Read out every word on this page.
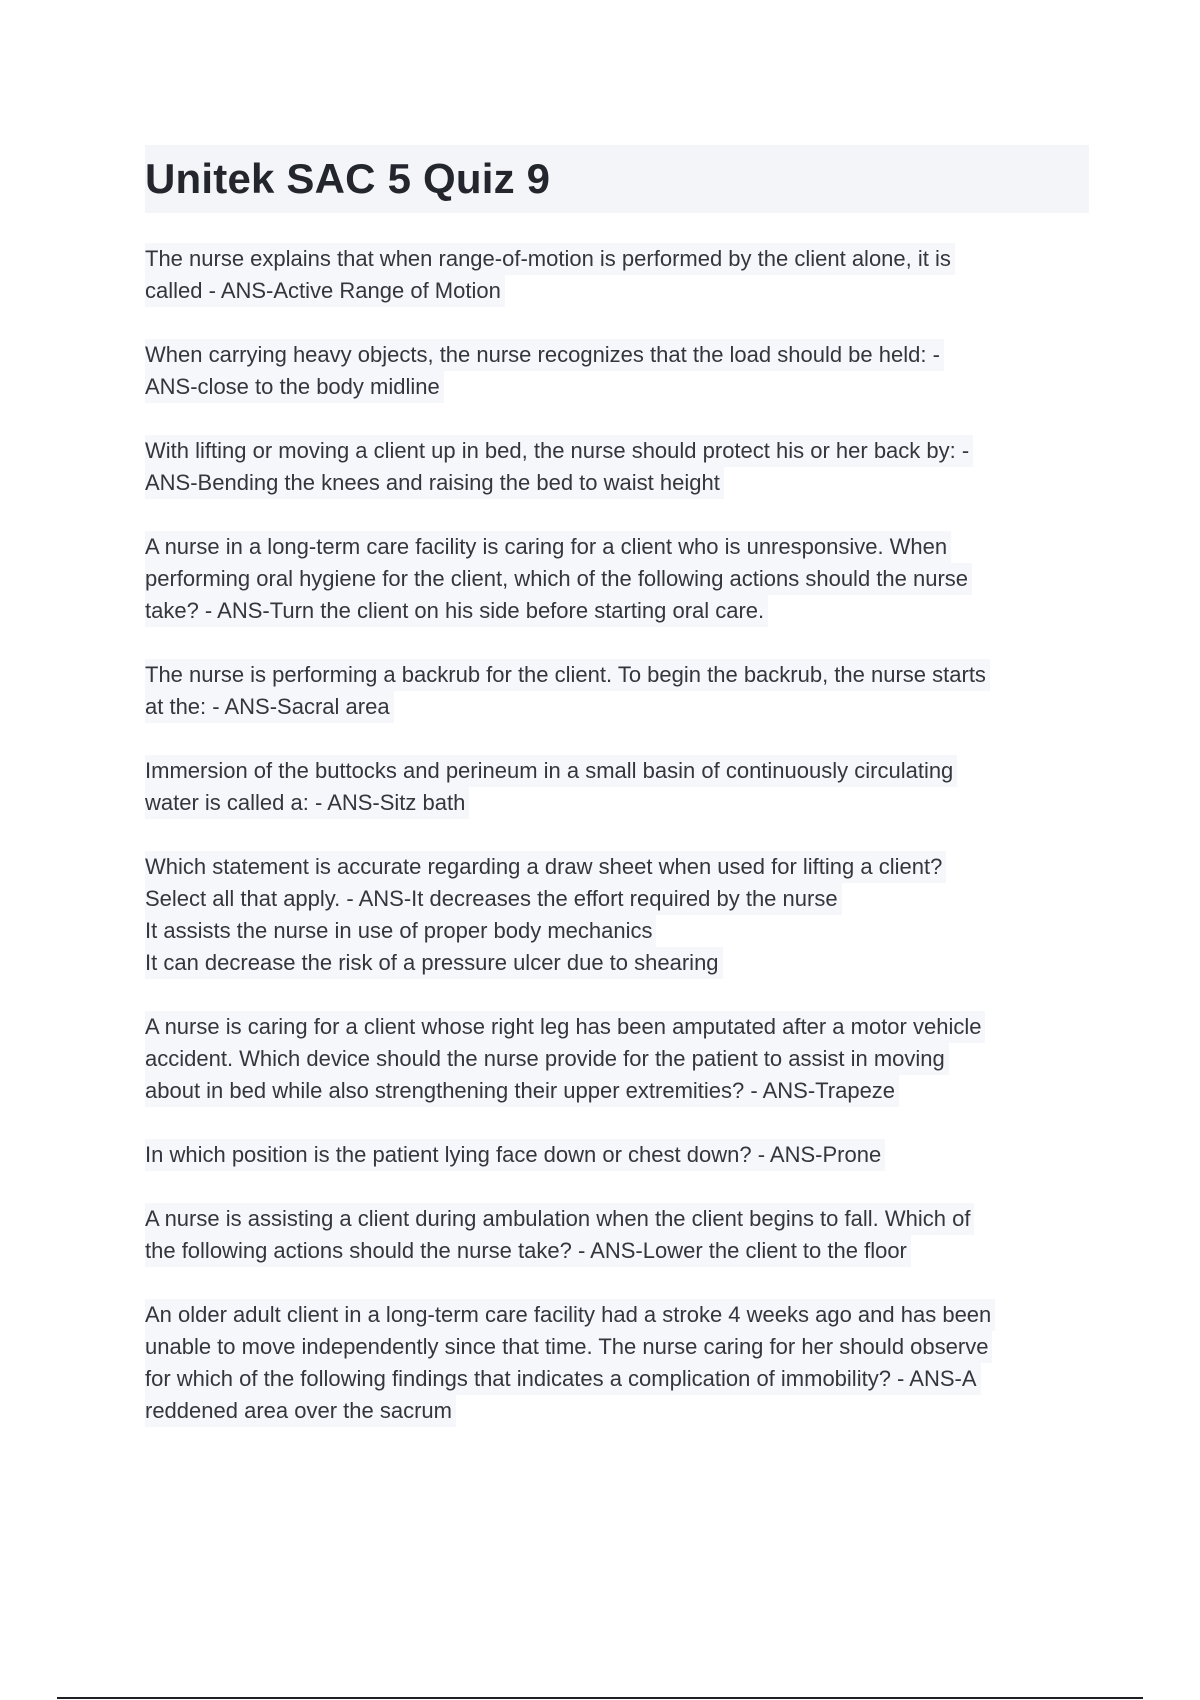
Unitek SAC 5 Quiz 9
The nurse explains that when range-of-motion is performed by the client alone, it is
called - ANS-Active Range of Motion
When carrying heavy objects, the nurse recognizes that the load should be held: -
ANS-close to the body midline
With lifting or moving a client up in bed, the nurse should protect his or her back by: -
ANS-Bending the knees and raising the bed to waist height
A nurse in a long-term care facility is caring for a client who is unresponsive. When
performing oral hygiene for the client, which of the following actions should the nurse
take? - ANS-Turn the client on his side before starting oral care.
The nurse is performing a backrub for the client. To begin the backrub, the nurse starts
at the: - ANS-Sacral area
Immersion of the buttocks and perineum in a small basin of continuously circulating
water is called a: - ANS-Sitz bath
Which statement is accurate regarding a draw sheet when used for lifting a client?
Select all that apply. - ANS-It decreases the effort required by the nurse
It assists the nurse in use of proper body mechanics
It can decrease the risk of a pressure ulcer due to shearing
A nurse is caring for a client whose right leg has been amputated after a motor vehicle
accident. Which device should the nurse provide for the patient to assist in moving
about in bed while also strengthening their upper extremities? - ANS-Trapeze
In which position is the patient lying face down or chest down? - ANS-Prone
A nurse is assisting a client during ambulation when the client begins to fall. Which of
the following actions should the nurse take? - ANS-Lower the client to the floor
An older adult client in a long-term care facility had a stroke 4 weeks ago and has been
unable to move independently since that time. The nurse caring for her should observe
for which of the following findings that indicates a complication of immobility? - ANS-A
reddened area over the sacrum
